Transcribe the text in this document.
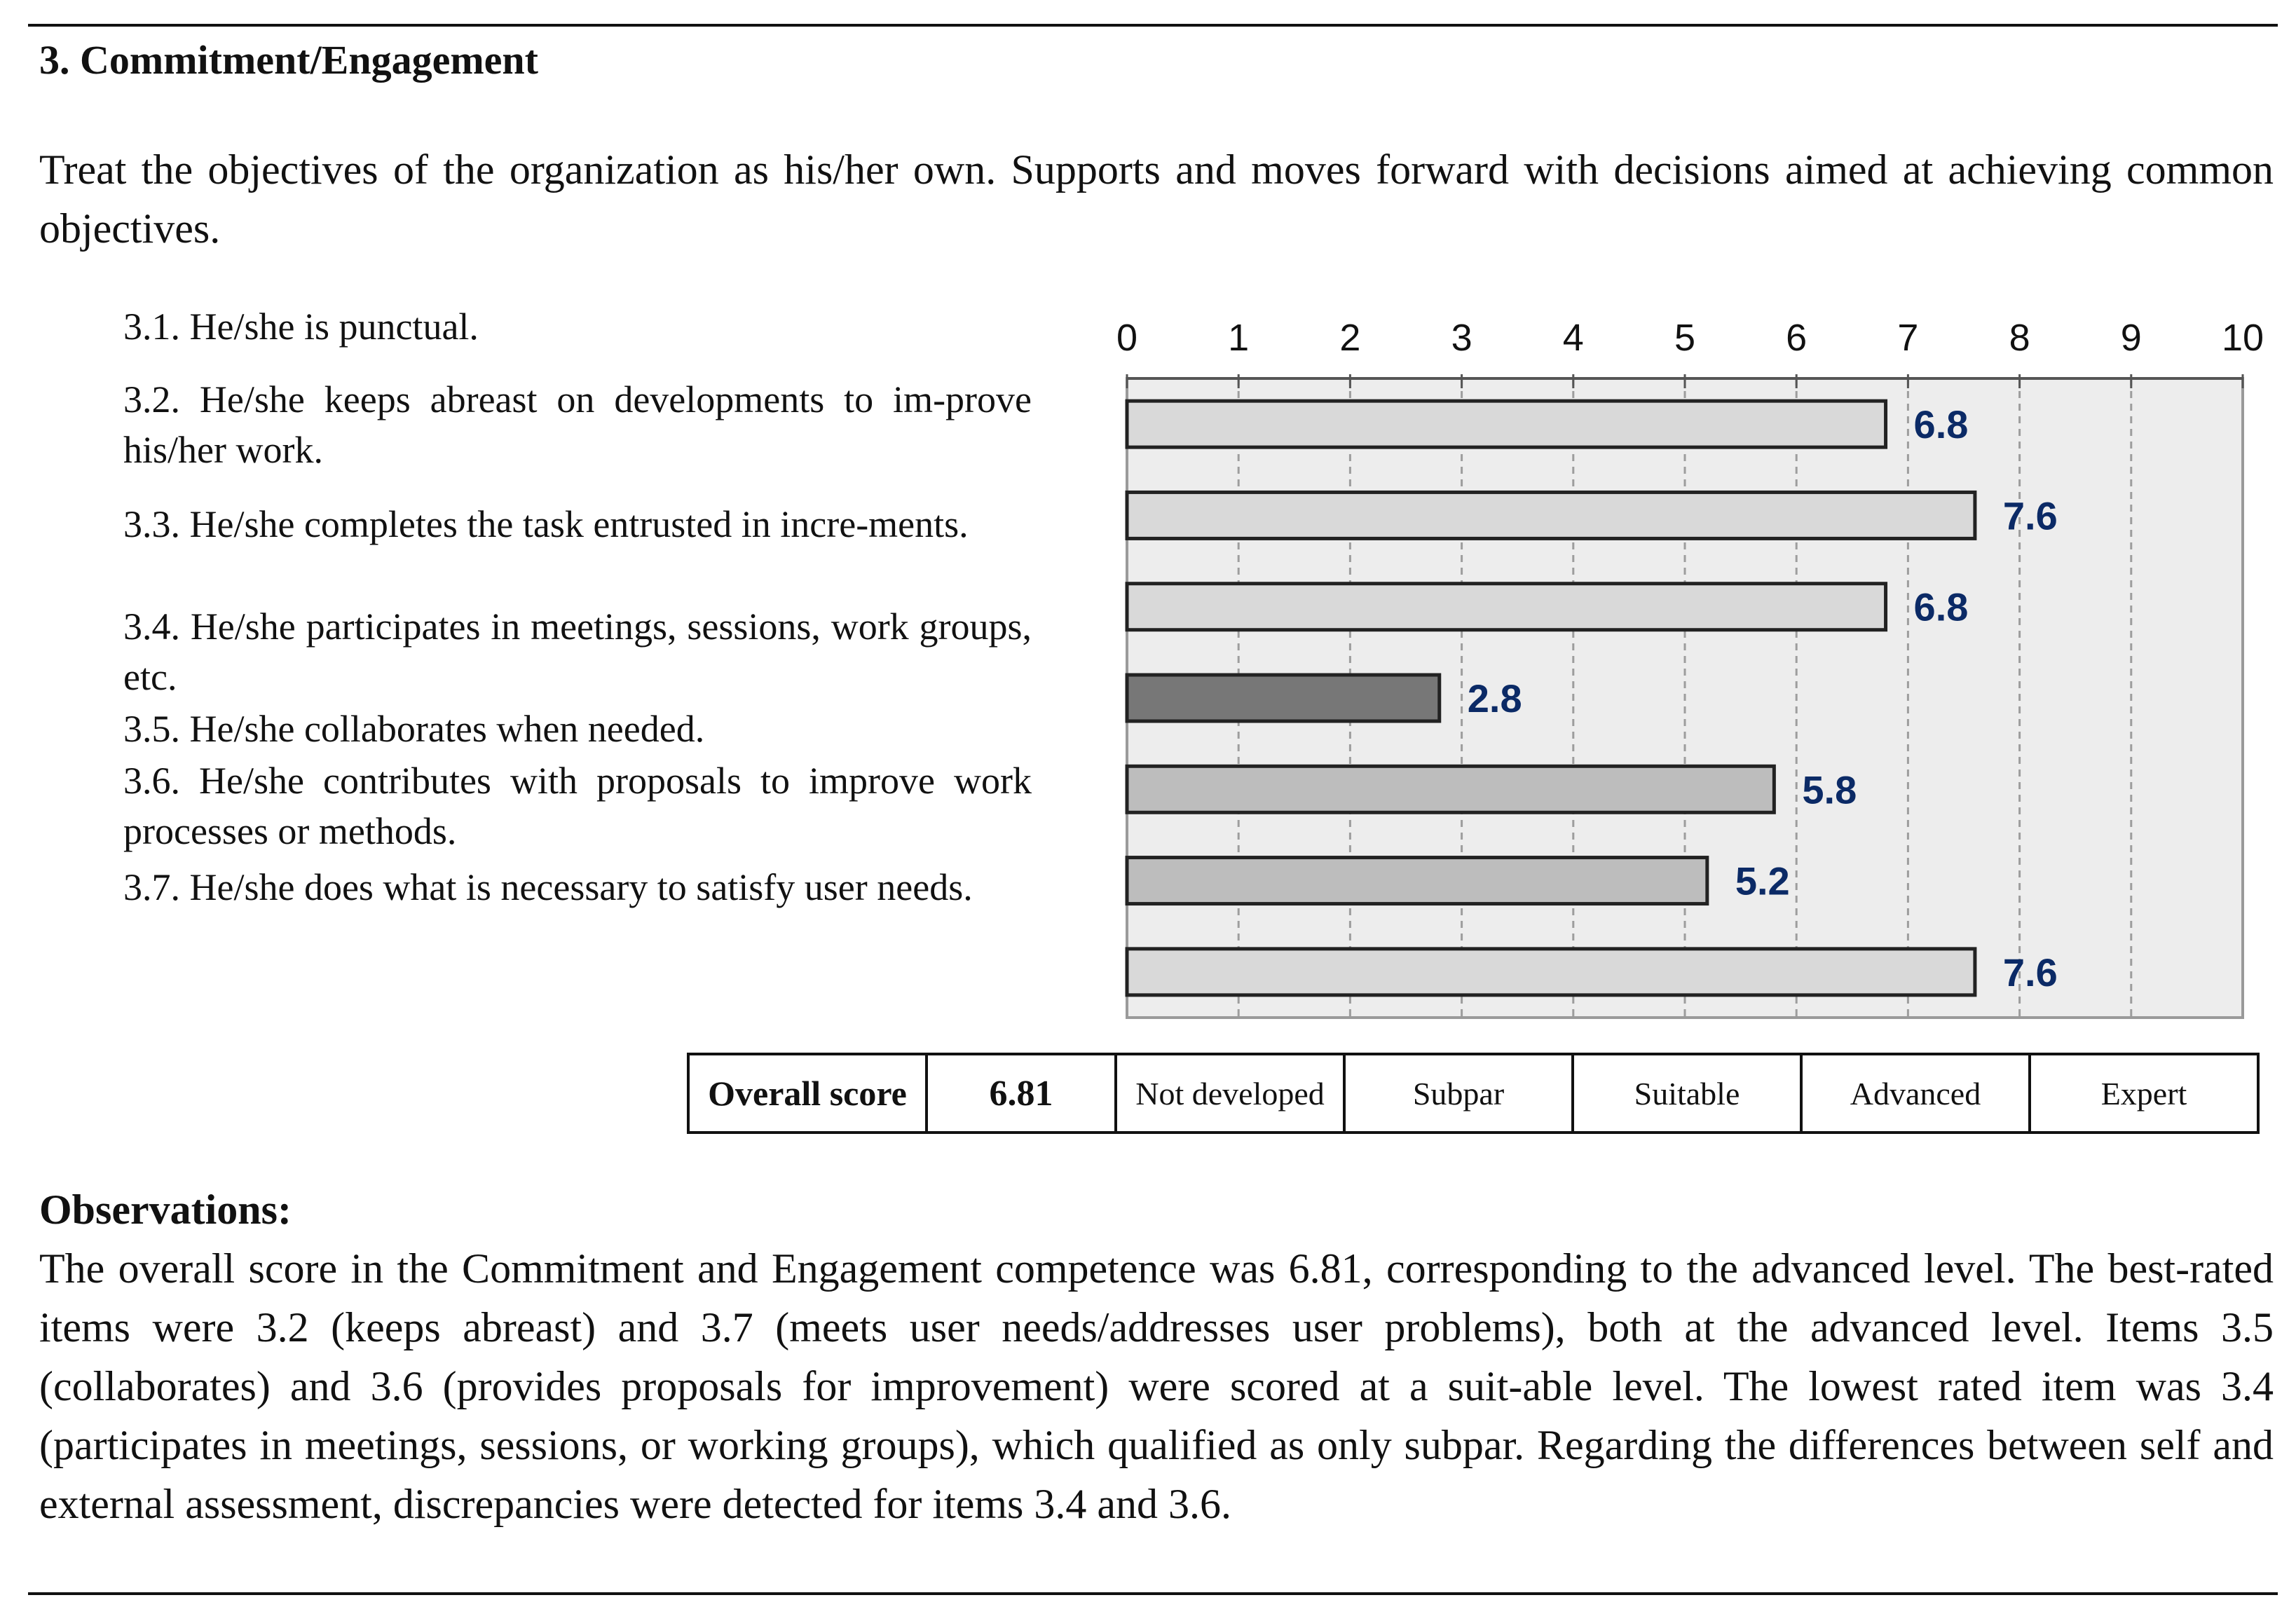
3. Commitment/Engagement
Treat the objectives of the organization as his/her own. Supports and moves forward with decisions aimed at achieving common objectives.
3.1. He/she is punctual.
3.2. He/she keeps abreast on developments to im-prove his/her work.
3.3. He/she completes the task entrusted in incre-ments.
3.4. He/she participates in meetings, sessions, work groups, etc.
3.5. He/she collaborates when needed.
3.6. He/she contributes with proposals to improve work processes or methods.
3.7. He/she does what is necessary to satisfy user needs.
0 1 2 3 4 5 6 7 8 9 10
6.8
7.6
6.8
2.8
5.8
5.2
7.6
Overall score	6.81	Not developed	Subpar	Suitable	Advanced	Expert
Observations:
The overall score in the Commitment and Engagement competence was 6.81, corresponding to the advanced level. The best-rated items were 3.2 (keeps abreast) and 3.7 (meets user needs/addresses user problems), both at the advanced level. Items 3.5 (collaborates) and 3.6 (provides proposals for improvement) were scored at a suit-able level. The lowest rated item was 3.4 (participates in meetings, sessions, or working groups), which qualified as only subpar. Regarding the differences between self and external assessment, discrepancies were detected for items 3.4 and 3.6.
